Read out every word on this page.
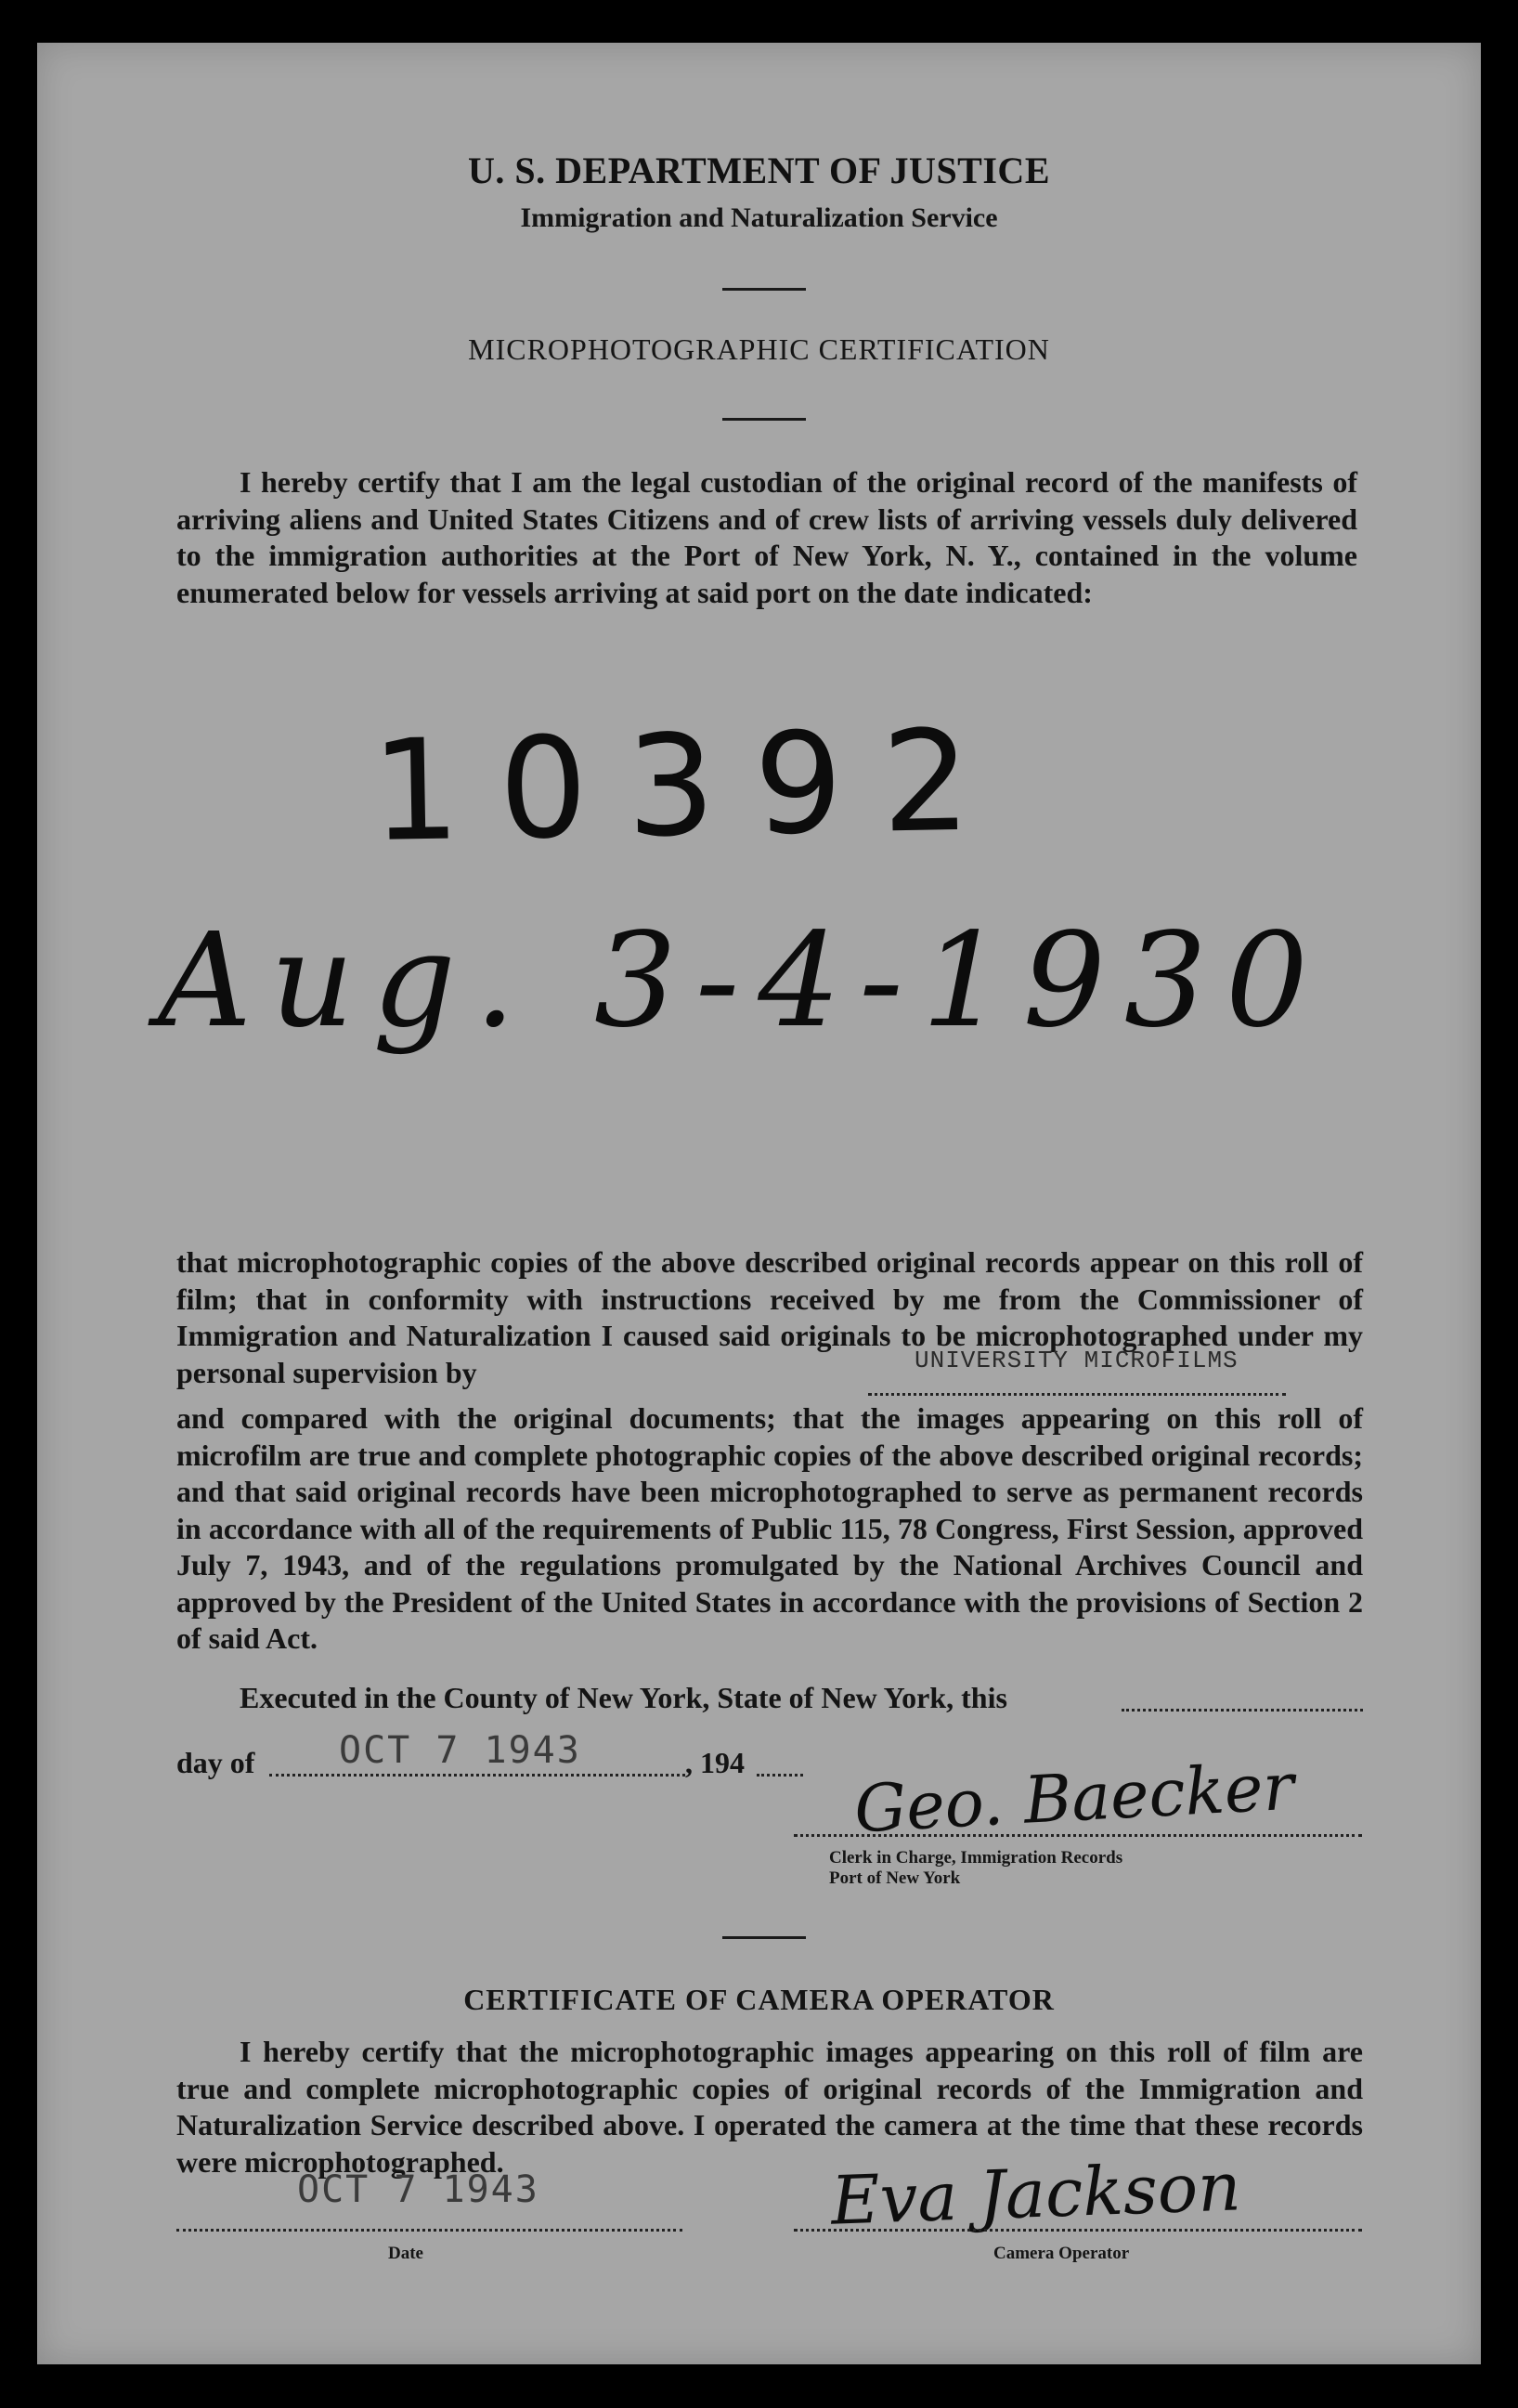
U. S. DEPARTMENT OF JUSTICE
Immigration and Naturalization Service
MICROPHOTOGRAPHIC CERTIFICATION
I hereby certify that I am the legal custodian of the original record of the manifests of arriving aliens and United States Citizens and of crew lists of arriving vessels duly delivered to the immigration authorities at the Port of New York, N. Y., contained in the volume enumerated below for vessels arriving at said port on the date indicated:
10392
Aug. 3-4-1930
that microphotographic copies of the above described original records appear on this roll of film; that in conformity with instructions received by me from the Commissioner of Immigration and Naturalization I caused said originals to be microphotographed under my personal supervision by	UNIVERSITY MICROFILMS
and compared with the original documents; that the images appearing on this roll of microfilm are true and complete photographic copies of the above described original records; and that said original records have been microphotographed to serve as permanent records in accordance with all of the requirements of Public 115, 78 Congress, First Session, approved July 7, 1943, and of the regulations promulgated by the National Archives Council and approved by the President of the United States in accordance with the provisions of Section 2 of said Act.
Executed in the County of New York, State of New York, this
day of OCT 7 1943	, 194 Geo. Baecker
Clerk in Charge, Immigration Records
Port of New York
CERTIFICATE OF CAMERA OPERATOR
I hereby certify that the microphotographic images appearing on this roll of film are true and complete microphotographic copies of original records of the Immigration and Naturalization Service described above. I operated the camera at the time that these records were microphotographed.
OCT 7 1943
Date
Eva Jackson
Camera Operator
